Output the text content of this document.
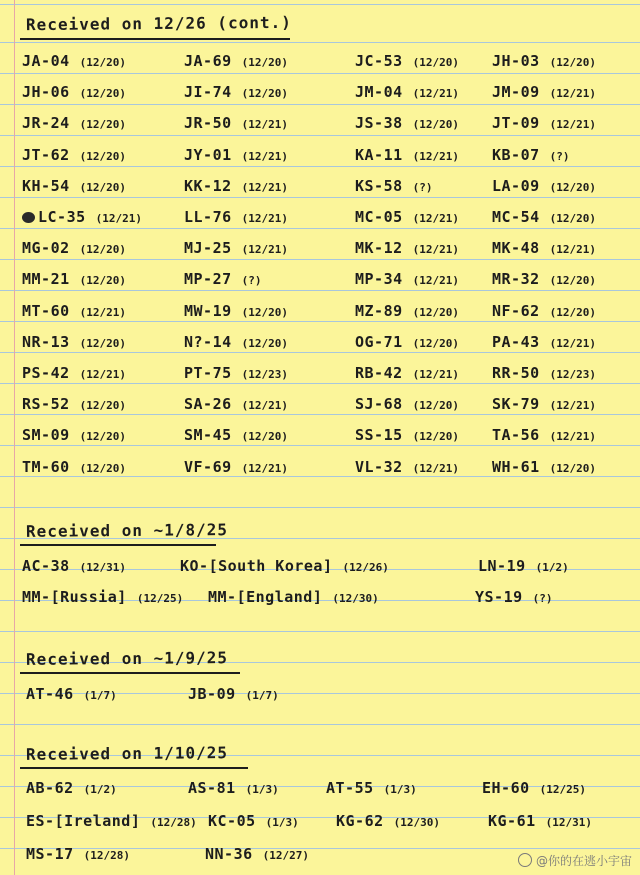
Received on 12/26 (cont.)
JA-04 (12/20)	JA-69 (12/20)	JC-53 (12/20) JH-03 (12/20)
JH-06 (12/20)	JI-74 (12/20)	JM-04 (12/21) JM-09 (12/21)
JR-24 (12/20)	JR-50 (12/21)	JS-38 (12/20) JT-09 (12/21)
JT-62 (12/20)	JY-01 (12/21)	KA-11 (12/21) KB-07 (?)
KH-54 (12/20)	KK-12 (12/21)	KS-58 (?)	LA-09 (12/20)
LC-35 (12/21)	LL-76 (12/21)	MC-05 (12/21) MC-54 (12/20)
MG-02 (12/20)	MJ-25 (12/21)	MK-12 (12/21) MK-48 (12/21)
MM-21 (12/20)	MP-27 (?)	MP-34 (12/21) MR-32 (12/20)
MT-60 (12/21)	MW-19 (12/20)	MZ-89 (12/20) NF-62 (12/20)
NR-13 (12/20)	N?-14 (12/20)	OG-71 (12/20) PA-43 (12/21)
PS-42 (12/21)	PT-75 (12/23)	RB-42 (12/21) RR-50 (12/23)
RS-52 (12/20)	SA-26 (12/21)	SJ-68 (12/20) SK-79 (12/21)
SM-09 (12/20)	SM-45 (12/20)	SS-15 (12/20) TA-56 (12/21)
TM-60 (12/20)	VF-69 (12/21)	VL-32 (12/21) WH-61 (12/20)
Received on ~1/8/25
AC-38 (12/31)	KO-[South Korea] (12/26)	LN-19 (1/2)
MM-[Russia] (12/25) MM-[England] (12/30)	YS-19 (?)
Received on ~1/9/25
AT-46 (1/7)	JB-09 (1/7)
Received on 1/10/25
AB-62 (1/2)	AS-81 (1/3)	AT-55 (1/3)	EH-60 (12/25)
ES-[Ireland] (12/28) KC-05 (1/3) KG-62 (12/30)	KG-61 (12/31)
MS-17 (12/28)	NN-36 (12/27)	@你的在逃小宇宙
